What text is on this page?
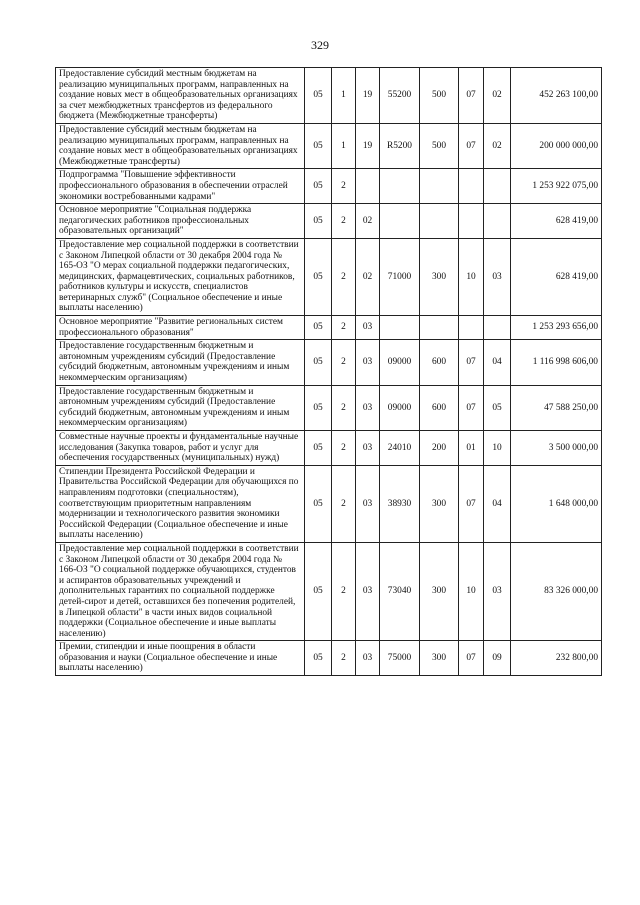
329
Предоставление субсидий местным бюджетам на реализацию муниципальных программ, направленных на создание новых мест в общеобразовательных организациях за счет межбюджетных трансфертов из федерального бюджета (Межбюджетные трансферты)	05	1	19	55200	500	07	02	452 263 100,00
Предоставление субсидий местным бюджетам на реализацию муниципальных программ, направленных на создание новых мест в общеобразовательных организациях (Межбюджетные трансферты)	05	1	19	R5200	500	07	02	200 000 000,00
Подпрограмма "Повышение эффективности профессионального образования в обеспечении отраслей экономики востребованными кадрами"	05	2						1 253 922 075,00
Основное мероприятие "Социальная поддержка педагогических работников профессиональных образовательных организаций"	05	2	02					628 419,00
Предоставление мер социальной поддержки в соответствии с Законом Липецкой области от 30 декабря 2004 года № 165-ОЗ "О мерах социальной поддержки педагогических, медицинских, фармацевтических, социальных работников, работников культуры и искусств, специалистов ветеринарных служб" (Социальное обеспечение и иные выплаты населению)	05	2	02	71000	300	10	03	628 419,00
Основное мероприятие "Развитие региональных систем профессионального образования"	05	2	03					1 253 293 656,00
Предоставление государственным бюджетным и автономным учреждениям субсидий (Предоставление субсидий бюджетным, автономным учреждениям и иным некоммерческим организациям)	05	2	03	09000	600	07	04	1 116 998 606,00
Предоставление государственным бюджетным и автономным учреждениям субсидий (Предоставление субсидий бюджетным, автономным учреждениям и иным некоммерческим организациям)	05	2	03	09000	600	07	05	47 588 250,00
Совместные научные проекты и фундаментальные научные исследования (Закупка товаров, работ и услуг для обеспечения государственных (муниципальных) нужд)	05	2	03	24010	200	01	10	3 500 000,00
Стипендии Президента Российской Федерации и Правительства Российской Федерации для обучающихся по направлениям подготовки (специальностям), соответствующим приоритетным направлениям модернизации и технологического развития экономики Российской Федерации (Социальное обеспечение и иные выплаты населению)	05	2	03	38930	300	07	04	1 648 000,00
Предоставление мер социальной поддержки в соответствии с Законом Липецкой области от 30 декабря 2004 года № 166-ОЗ "О социальной поддержке обучающихся, студентов и аспирантов образовательных учреждений и дополнительных гарантиях по социальной поддержке детей-сирот и детей, оставшихся без попечения родителей, в Липецкой области" в части иных видов социальной поддержки (Социальное обеспечение и иные выплаты населению)	05	2	03	73040	300	10	03	83 326 000,00
Премии, стипендии и иные поощрения в области образования и науки (Социальное обеспечение и иные выплаты населению)	05	2	03	75000	300	07	09	232 800,00
